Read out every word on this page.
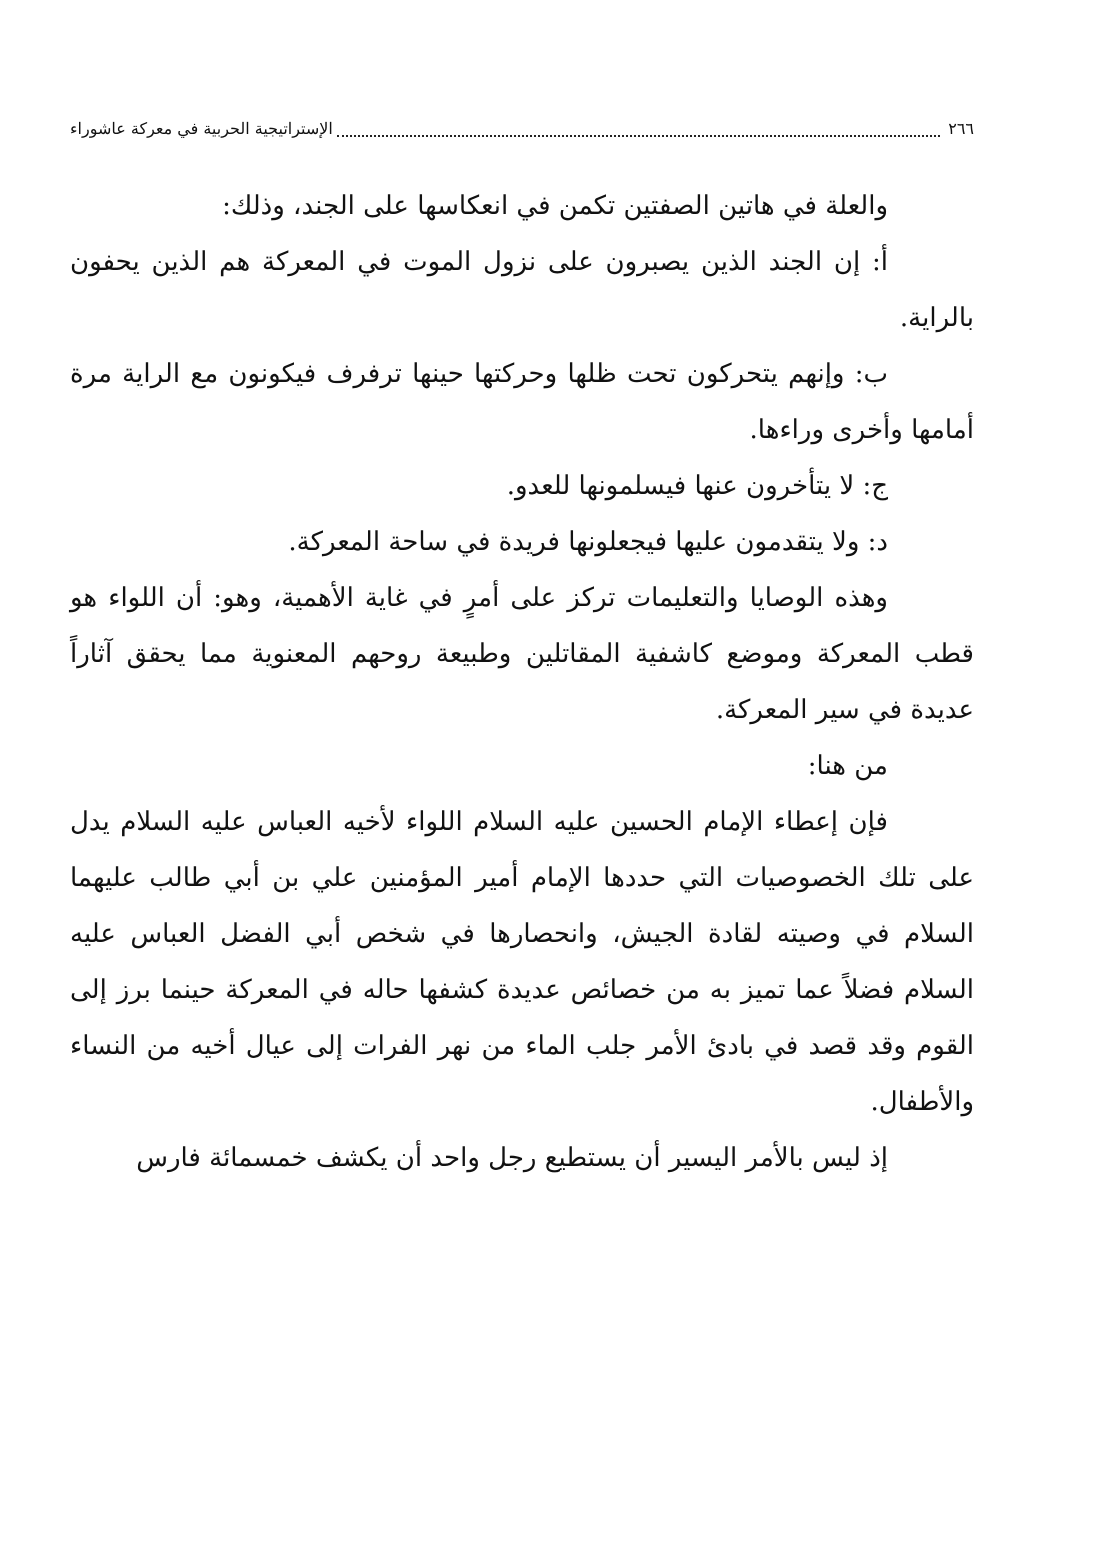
٢٦٦
الإستراتيجية الحربية في معركة عاشوراء

والعلة في هاتين الصفتين تكمن في انعكاسها على الجند، وذلك:

أ: إن الجند الذين يصبرون على نزول الموت في المعركة هم الذين يحفون بالراية.

ب: وإنهم يتحركون تحت ظلها وحركتها حينها ترفرف فيكونون مع الراية مرة أمامها وأخرى وراءها.

ج: لا يتأخرون عنها فيسلمونها للعدو.

د: ولا يتقدمون عليها فيجعلونها فريدة في ساحة المعركة.

وهذه الوصايا والتعليمات تركز على أمرٍ في غاية الأهمية، وهو: أن اللواء هو قطب المعركة وموضع كاشفية المقاتلين وطبيعة روحهم المعنوية مما يحقق آثاراً عديدة في سير المعركة.

من هنا:

فإن إعطاء الإمام الحسين عليه السلام اللواء لأخيه العباس عليه السلام يدل على تلك الخصوصيات التي حددها الإمام أمير المؤمنين علي بن أبي طالب عليهما السلام في وصيته لقادة الجيش، وانحصارها في شخص أبي الفضل العباس عليه السلام فضلاً عما تميز به من خصائص عديدة كشفها حاله في المعركة حينما برز إلى القوم وقد قصد في بادئ الأمر جلب الماء من نهر الفرات إلى عيال أخيه من النساء والأطفال.

إذ ليس بالأمر اليسير أن يستطيع رجل واحد أن يكشف خمسمائة فارس
